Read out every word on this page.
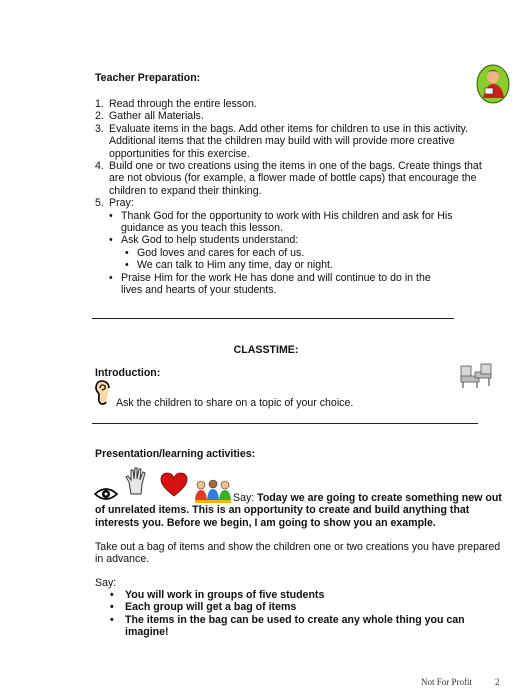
Teacher Preparation:
1. Read through the entire lesson.
2. Gather all Materials.
3. Evaluate items in the bags. Add other items for children to use in this activity. Additional items that the children may build with will provide more creative opportunities for this exercise.
4. Build one or two creations using the items in one of the bags. Create things that are not obvious (for example, a flower made of bottle caps) that encourage the children to expand their thinking.
5. Pray:
• Thank God for the opportunity to work with His children and ask for His guidance as you teach this lesson.
• Ask God to help students understand:
• God loves and cares for each of us.
• We can talk to Him any time, day or night.
• Praise Him for the work He has done and will continue to do in the lives and hearts of your students.
CLASSTIME:
Introduction:
Ask the children to share on a topic of your choice.
Presentation/learning activities:
Say: Today we are going to create something new out
of unrelated items. This is an opportunity to create and build anything that interests you. Before we begin, I am going to show you an example.
Take out a bag of items and show the children one or two creations you have prepared in advance.
Say:
• You will work in groups of five students
• Each group will get a bag of items
• The items in the bag can be used to create any whole thing you can imagine!
Not For Profit	2
